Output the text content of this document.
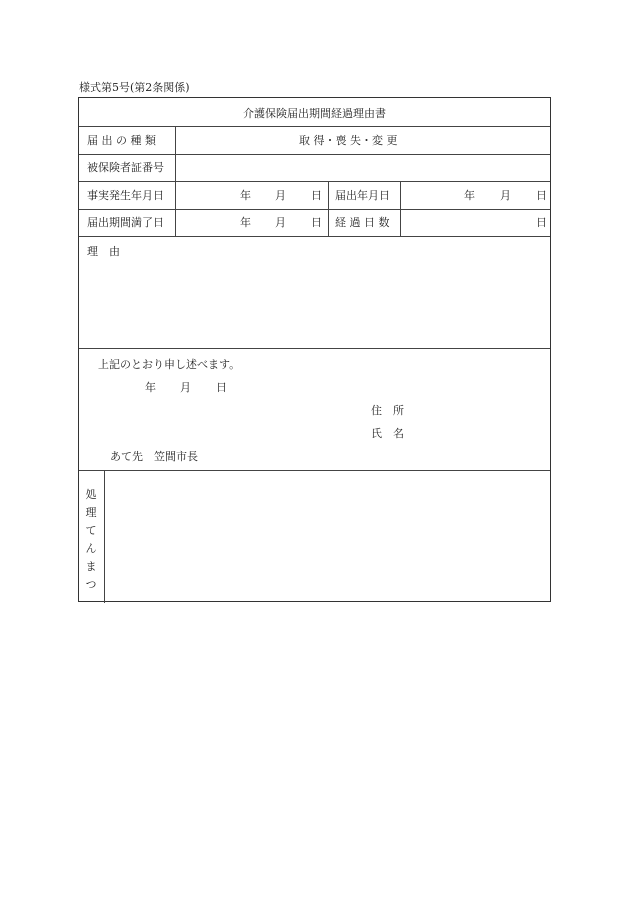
様式第5号(第2条関係)
介護保険届出期間経過理由書
届 出 の 種 類	取 得・喪 失・変 更
被保険者証番号
事実発生年月日	年 月 日 届出年月日	年 月 日
届出期間満了日	年 月 日 経 過 日 数	日
理　由
上記のとおり申し述べます。
年 月 日
住　所
氏　名
あて先　笠間市長
処理てんまつ
